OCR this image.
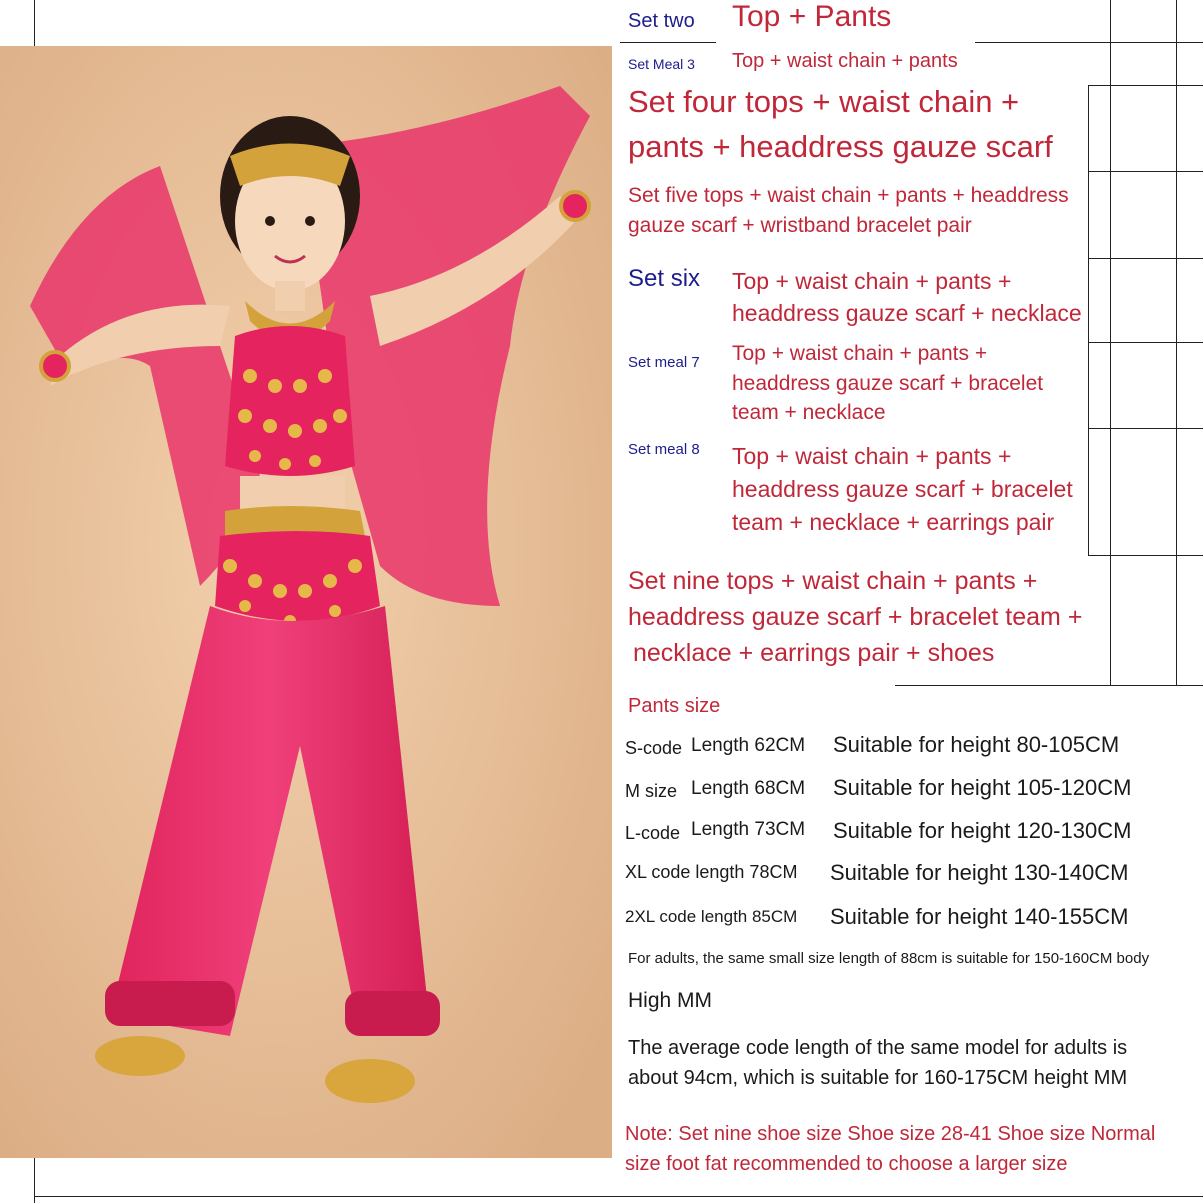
Set two Top + Pants
Set Meal 3 Top + waist chain + pants
Set four tops + waist chain +
pants + headdress gauze scarf
Set five tops + waist chain + pants + headdress
gauze scarf + wristband bracelet pair
Set six Top + waist chain + pants +
headdress gauze scarf + necklace
Set meal 7 Top + waist chain + pants +
headdress gauze scarf + bracelet
team + necklace
Set meal 8 Top + waist chain + pants +
headdress gauze scarf + bracelet
team + necklace + earrings pair
Set nine tops + waist chain + pants +
headdress gauze scarf + bracelet team +
necklace + earrings pair + shoes
Pants size
S-code Length 62CM Suitable for height 80-105CM
M size Length 68CM Suitable for height 105-120CM
L-code Length 73CM Suitable for height 120-130CM
XL code length 78CM Suitable for height 130-140CM
2XL code length 85CM Suitable for height 140-155CM
For adults, the same small size length of 88cm is suitable for 150-160CM body
High MM
The average code length of the same model for adults is
about 94cm, which is suitable for 160-175CM height MM
Note: Set nine shoe size Shoe size 28-41 Shoe size Normal
size foot fat recommended to choose a larger size
